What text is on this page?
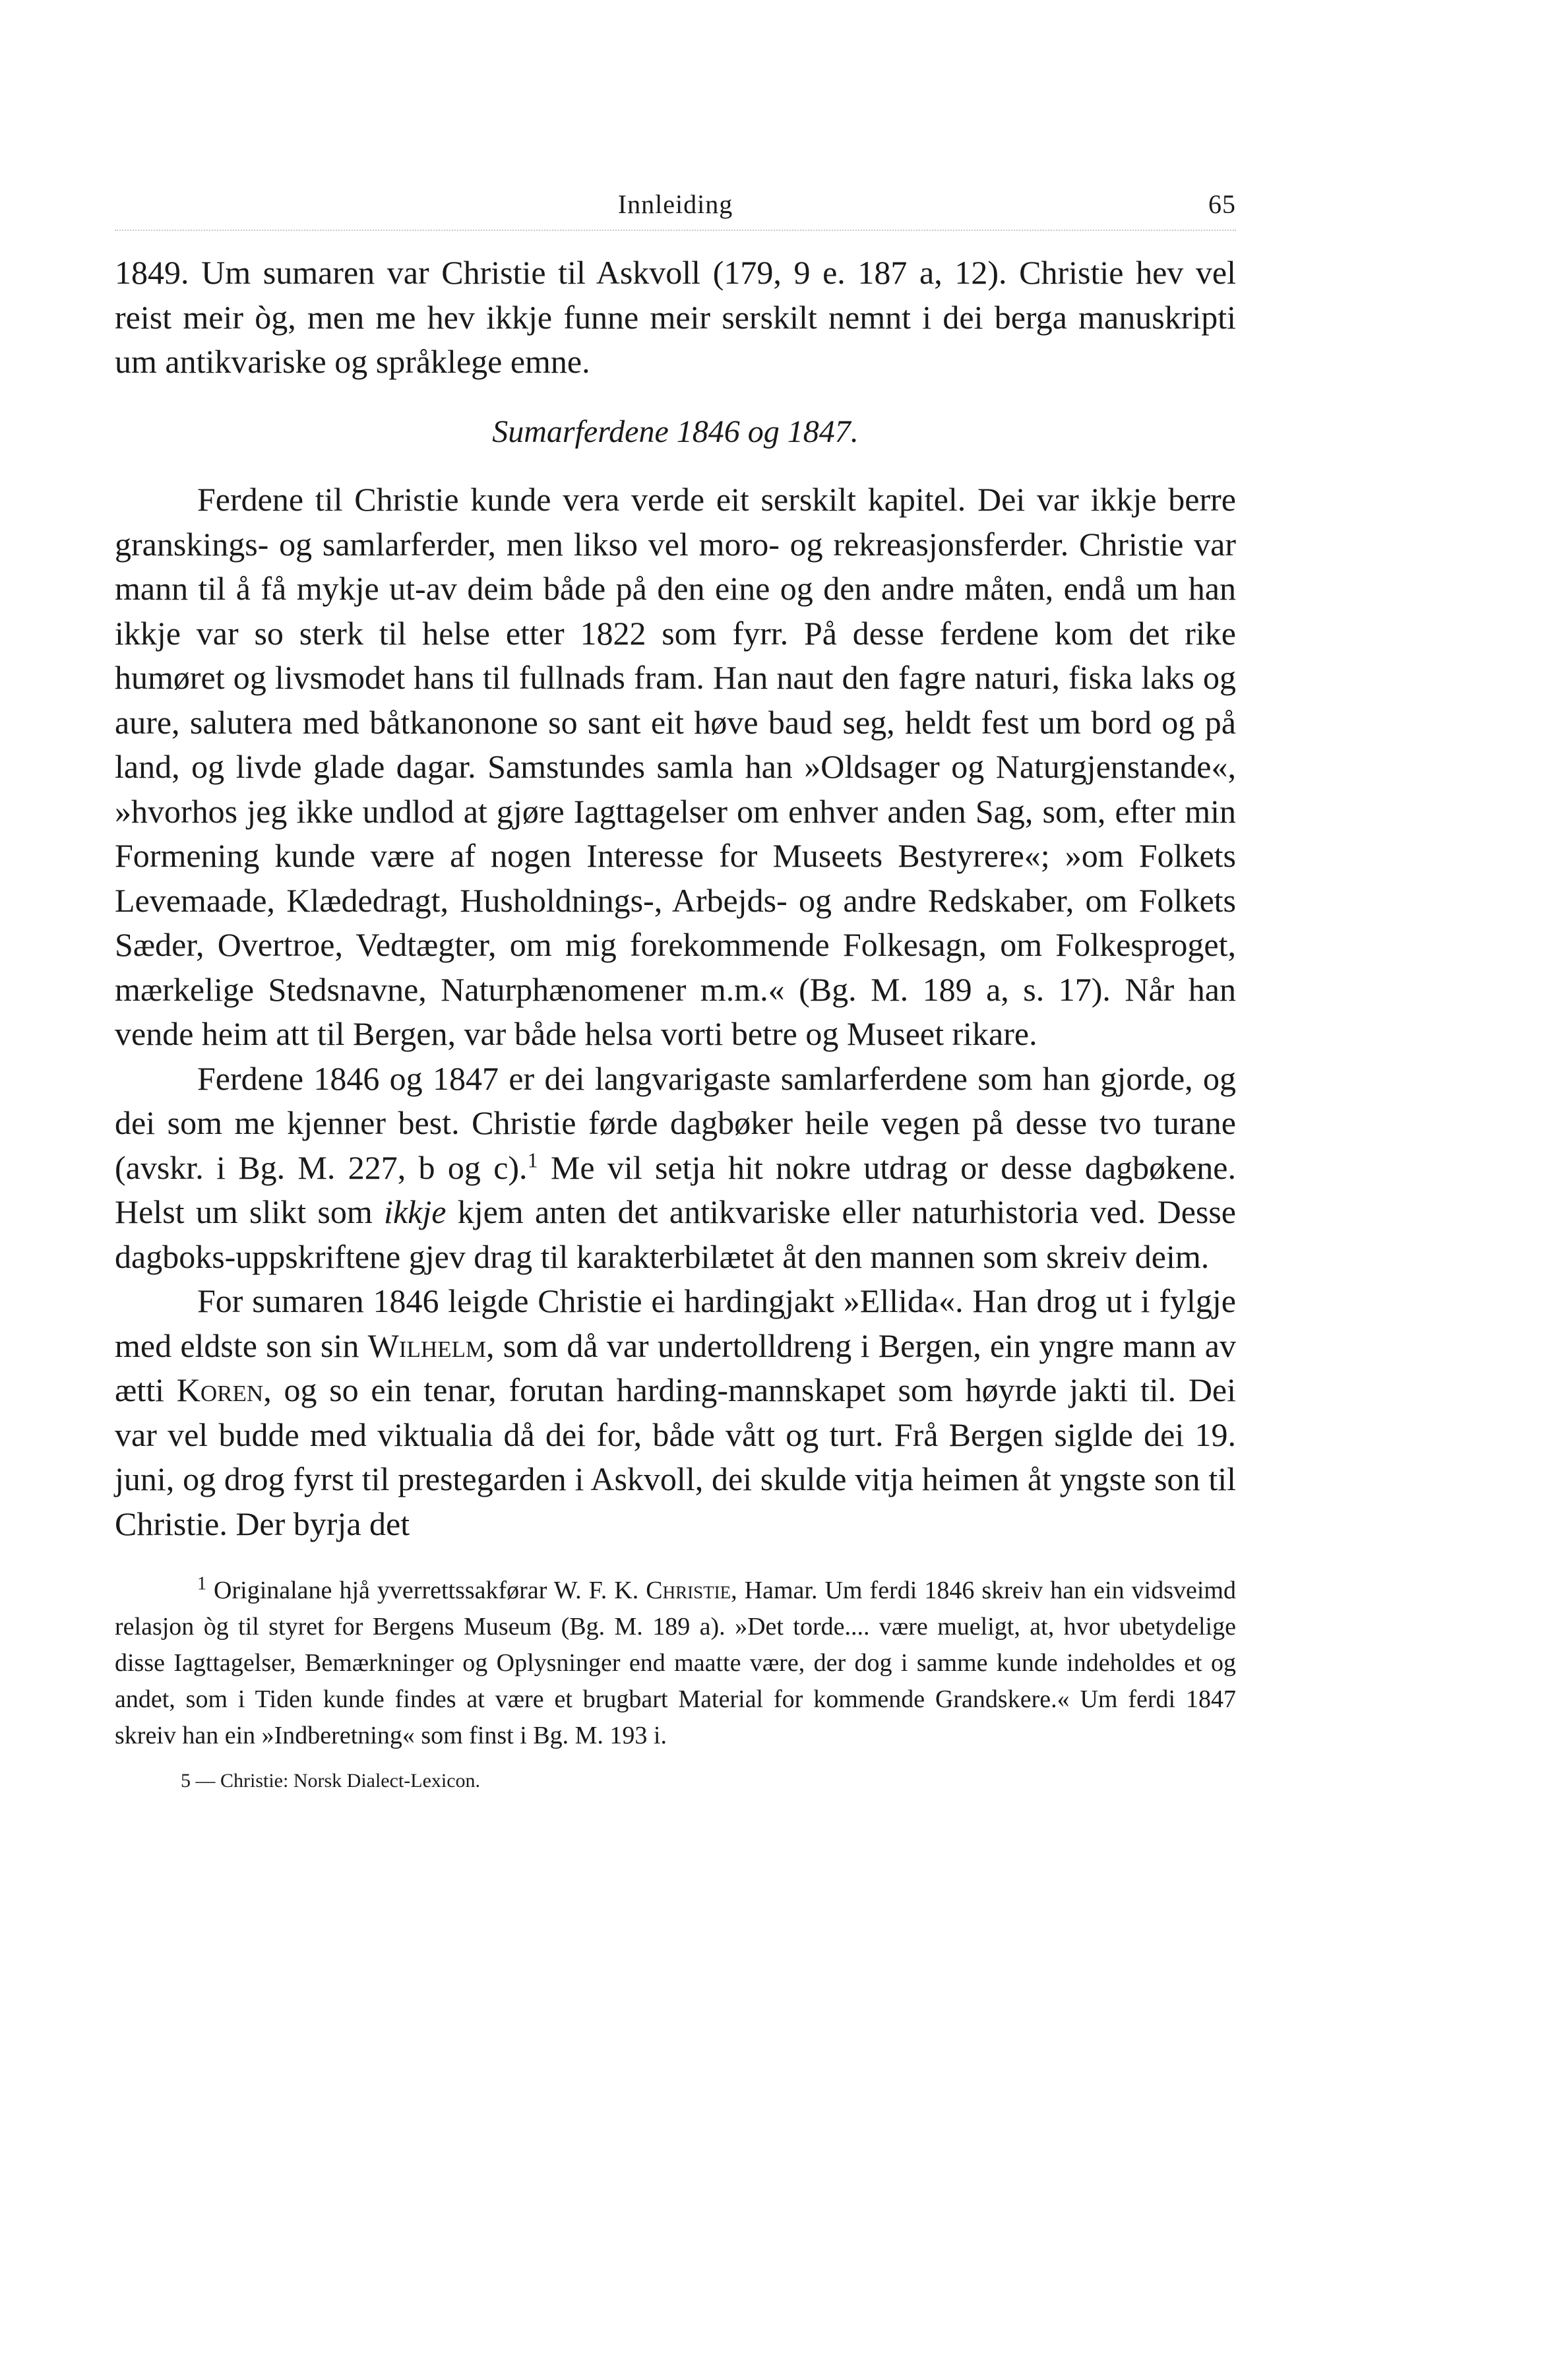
Innleiding	65

1849. Um sumaren var Christie til Askvoll (179, 9 e. 187 a, 12). Christie hev vel reist meir òg, men me hev ikkje funne meir serskilt nemnt i dei berga manuskripti um antikvariske og språklege emne.

Sumarferdene 1846 og 1847.

Ferdene til Christie kunde vera verde eit serskilt kapitel. Dei var ikkje berre granskings- og samlarferder, men likso vel moro- og rekreasjonsferder. Christie var mann til å få mykje ut-av deim både på den eine og den andre måten, endå um han ikkje var so sterk til helse etter 1822 som fyrr. På desse ferdene kom det rike humøret og livsmodet hans til fullnads fram. Han naut den fagre naturi, fiska laks og aure, salutera med båtkanonone so sant eit høve baud seg, heldt fest um bord og på land, og livde glade dagar. Samstundes samla han »Oldsager og Naturgjenstande«, »hvorhos jeg ikke undlod at gjøre Iagttagelser om enhver anden Sag, som, efter min Formening kunde være af nogen Interesse for Museets Bestyrere«; »om Folkets Levemaade, Klædedragt, Husholdnings-, Arbejds- og andre Redskaber, om Folkets Sæder, Overtroe, Vedtægter, om mig forekommende Folkesagn, om Folkesproget, mærkelige Stedsnavne, Naturphænomener m.m.« (Bg. M. 189 a, s. 17). Når han vende heim att til Bergen, var både helsa vorti betre og Museet rikare.

Ferdene 1846 og 1847 er dei langvarigaste samlarferdene som han gjorde, og dei som me kjenner best. Christie førde dagbøker heile vegen på desse tvo turane (avskr. i Bg. M. 227, b og c).$^1$ Me vil setja hit nokre utdrag or desse dagbøkene. Helst um slikt som ikkje kjem anten det antikvariske eller naturhistoria ved. Desse dagboks-uppskriftene gjev drag til karakterbilætet åt den mannen som skreiv deim.

For sumaren 1846 leigde Christie ei hardingjakt »Ellida«. Han drog ut i fylgje med eldste son sin Wilhelm, som då var undertolldreng i Bergen, ein yngre mann av ætti Koren, og so ein tenar, forutan harding-mannskapet som høyrde jakti til. Dei var vel budde med viktualia då dei for, både vått og turt. Frå Bergen siglde dei 19. juni, og drog fyrst til prestegarden i Askvoll, dei skulde vitja heimen åt yngste son til Christie. Der byrja det

$^1$ Originalane hjå yverrettssakførar W. F. K. Christie, Hamar. Um ferdi 1846 skreiv han ein vidsveimd relasjon òg til styret for Bergens Museum (Bg. M. 189 a). »Det torde.... være mueligt, at, hvor ubetydelige disse Iagttagelser, Bemærkninger og Oplysninger end maatte være, der dog i samme kunde indeholdes et og andet, som i Tiden kunde findes at være et brugbart Material for kommende Grandskere.« Um ferdi 1847 skreiv han ein »Indberetning« som finst i Bg. M. 193 i.

5 — Christie: Norsk Dialect-Lexicon.
